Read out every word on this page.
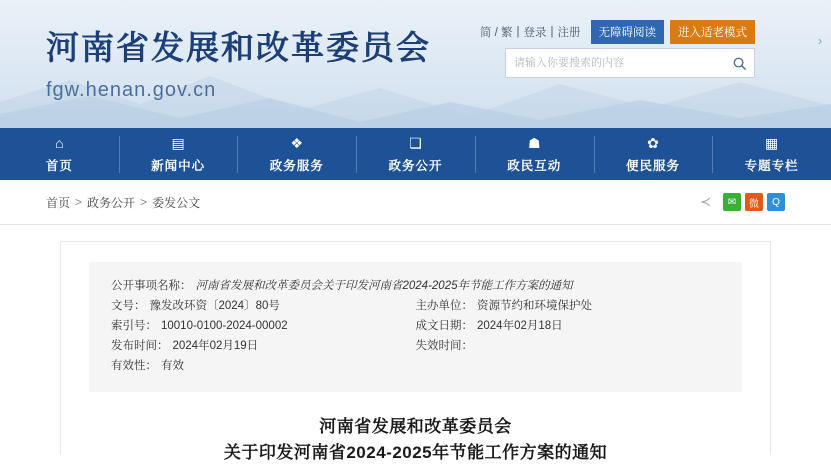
河南省发展和改革委员会
fgw.henan.gov.cn
简 / 繁 | 登录 | 注册	无障碍阅读	进入适老模式
请输入你要搜索的内容	›
⌂
首页
▤
新闻中心
❖
政务服务
❏
政务公开
☗
政民互动
✿
便民服务
▦
专题专栏
首页 > 政务公开 > 委发公文	≺	✉	微	Q
公开事项名称： 河南省发展和改革委员会关于印发河南省2024-2025年节能工作方案的通知
文号： 豫发改环资〔2024〕80号	主办单位： 资源节约和环境保护处
索引号： 10010-0100-2024-00002	成文日期： 2024年02月18日
发布时间： 2024年02月19日	失效时间：
有效性： 有效
河南省发展和改革委员会
关于印发河南省2024-2025年节能工作方案的通知
